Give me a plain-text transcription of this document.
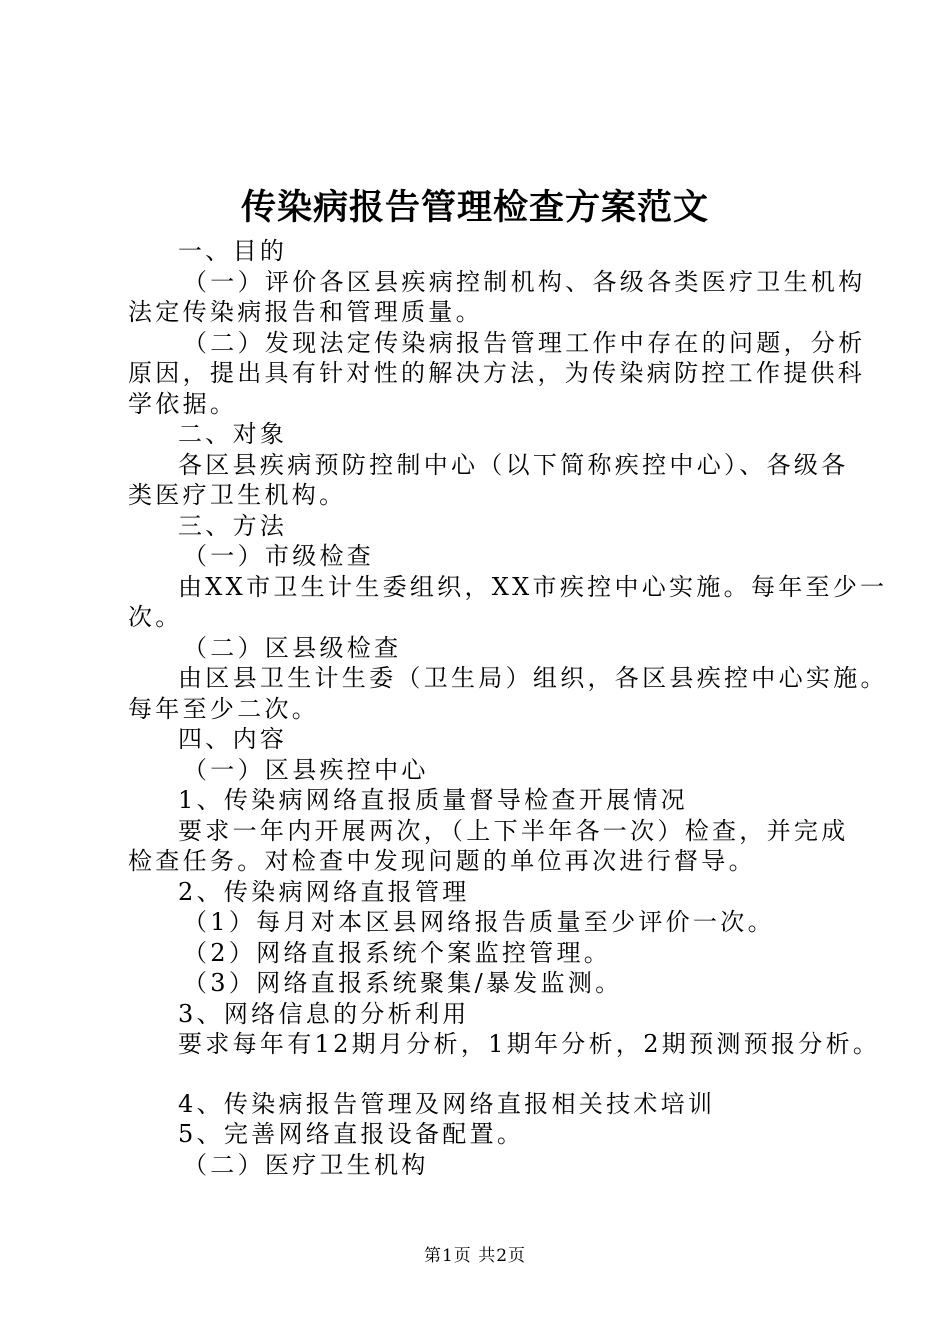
传染病报告管理检查方案范文

一、目的

（一）评价各区县疾病控制机构、各级各类医疗卫生机构

法定传染病报告和管理质量。

（二）发现法定传染病报告管理工作中存在的问题，分析

原因，提出具有针对性的解决方法，为传染病防控工作提供科

学依据。

二、对象

各区县疾病预防控制中心（以下简称疾控中心）、各级各

类医疗卫生机构。

三、方法

（一）市级检查

由XX市卫生计生委组织，XX市疾控中心实施。每年至少一

次。

（二）区县级检查

由区县卫生计生委（卫生局）组织，各区县疾控中心实施。

每年至少二次。

四、内容

（一）区县疾控中心

1、传染病网络直报质量督导检查开展情况

要求一年内开展两次，（上下半年各一次）检查，并完成

检查任务。对检查中发现问题的单位再次进行督导。

2、传染病网络直报管理

（1）每月对本区县网络报告质量至少评价一次。

（2）网络直报系统个案监控管理。

（3）网络直报系统聚集/暴发监测。

3、网络信息的分析利用

要求每年有12期月分析，1期年分析，2期预测预报分析。

4、传染病报告管理及网络直报相关技术培训

5、完善网络直报设备配置。

（二）医疗卫生机构

第1页 共2页
